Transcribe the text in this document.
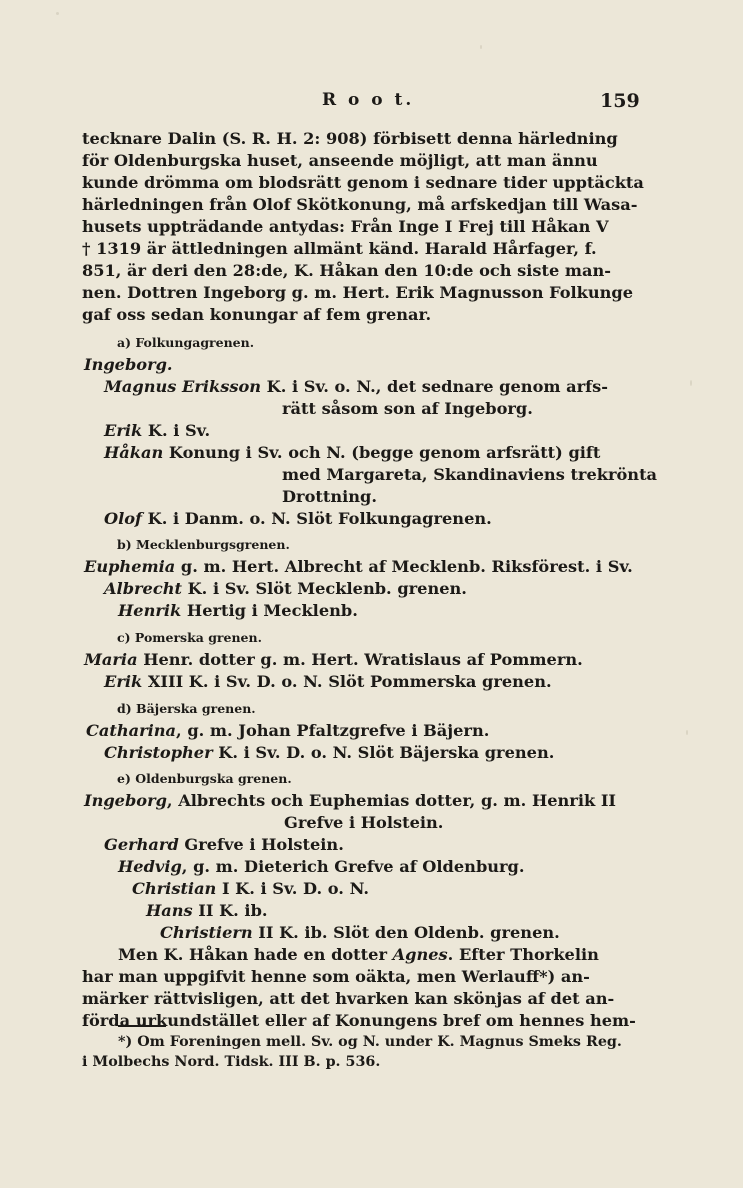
R o o t.	159
tecknare Dalin (S. R. H. 2: 908) förbisett denna härledning
för Oldenburgska huset, anseende möjligt, att man ännu
kunde drömma om blodsrätt genom i sednare tider upptäckta
härledningen från Olof Skötkonung, må arfskedjan till Wasa-
husets uppträdande antydas: Från Inge I Frej till Håkan V
† 1319 är ättledningen allmänt känd. Harald Hårfager, f.
851, är deri den 28:de, K. Håkan den 10:de och siste man-
nen. Dottren Ingeborg g. m. Hert. Erik Magnusson Folkunge
gaf oss sedan konungar af fem grenar.
a) Folkungagrenen.
Ingeborg.
Magnus Eriksson K. i Sv. o. N., det sednare genom arfs-
rätt såsom son af Ingeborg.
Erik K. i Sv.
Håkan Konung i Sv. och N. (begge genom arfsrätt) gift
med Margareta, Skandinaviens trekrönta
Drottning.
Olof K. i Danm. o. N. Slöt Folkungagrenen.
b) Mecklenburgsgrenen.
Euphemia g. m. Hert. Albrecht af Mecklenb. Riksförest. i Sv.
Albrecht K. i Sv. Slöt Mecklenb. grenen.
Henrik Hertig i Mecklenb.
c) Pomerska grenen.
Maria Henr. dotter g. m. Hert. Wratislaus af Pommern.
Erik XIII K. i Sv. D. o. N. Slöt Pommerska grenen.
d) Bäjerska grenen.
Catharina, g. m. Johan Pfaltzgrefve i Bäjern.
Christopher K. i Sv. D. o. N. Slöt Bäjerska grenen.
e) Oldenburgska grenen.
Ingeborg, Albrechts och Euphemias dotter, g. m. Henrik II
Grefve i Holstein.
Gerhard Grefve i Holstein.
Hedvig, g. m. Dieterich Grefve af Oldenburg.
Christian I K. i Sv. D. o. N.
Hans II K. ib.
Christiern II K. ib. Slöt den Oldenb. grenen.
Men K. Håkan hade en dotter Agnes. Efter Thorkelin
har man uppgifvit henne som oäkta, men Werlauff*) an-
märker rättvisligen, att det hvarken kan skönjas af det an-
förda urkundstället eller af Konungens bref om hennes hem-
*) Om Foreningen mell. Sv. og N. under K. Magnus Smeks Reg.
i Molbechs Nord. Tidsk. III B. p. 536.
